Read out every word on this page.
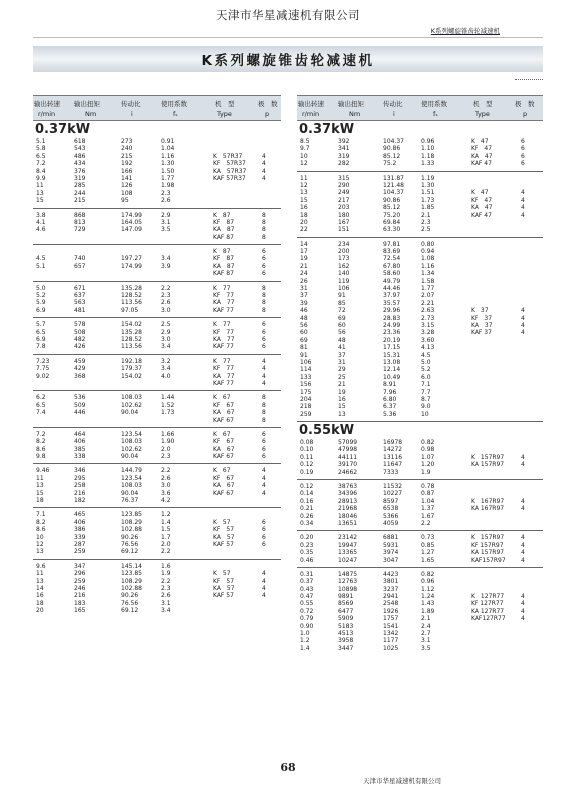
天津市华星减速机有限公司
K系列螺旋锥齿轮减速机
K系列螺旋锥齿轮减速机
输出转速 输出扭矩	传动比	使用系数	机　型	极　数
r/min	Nm	i	fₛ	Type	p
0.37kW
5.1	618	273	0.91
5.8	543	240	1.04
6.5	486	215	1.16	K　57R37	4
7.2	434	192	1.30	KF　57R37	4
8.4	376	166	1.50	KA　57R37	4
9.9	319	141	1.77	KAF 57R37	4
11	285	126	1.98
13	244	108	2.3
15	215	95	2.6
3.8	868	174.99	2.9	K　87	8
4.1	813	164.05	3.1	KF　87	8
4.6	729	147.09	3.5	KA　87	8
KAF 87	8
K　87	6
4.5	740	197.27	3.4	KF　87	6
5.1	657	174.99	3.9	KA　87	6
KAF 87	6
5.0	671	135.28	2.2	K　77	8
5.2	637	128.52	2.3	KF　77	8
5.9	563	113.56	2.6	KA　77	8
6.9	481	97.05	3.0	KAF 77	8
5.7	578	154.02	2.5	K　77	6
6.5	508	135.28	2.9	KF　77	6
6.9	482	128.52	3.0	KA　77	6
7.8	426	113.56	3.4	KAF 77	6
7.23	459	192.18	3.2	K　77	4
7.75	429	179.37	3.4	KF　77	4
9.02	368	154.02	4.0	KA　77	4
KAF 77	4
6.2	536	108.03	1.44	K　67	8
6.5	509	102.62	1.52	KF　67	8
7.4	446	90.04	1.73	KA　67	8
KAF 67	8
7.2	464	123.54	1.66	K　67	6
8.2	406	108.03	1.90	KF　67	6
8.6	385	102.62	2.0	KA　67	6
9.8	338	90.04	2.3	KAF 67	6
9.46	346	144.79	2.2	K　67	4
11	295	123.54	2.6	KF　67	4
13	258	108.03	3.0	KA　67	4
15	216	90.04	3.6	KAF 67	4
18	182	76.37	4.2
7.1	465	123.85	1.2
8.2	406	108.29	1.4	K　57	6
8.6	386	102.88	1.5	KF　57	6
10	339	90.26	1.7	KA　57	6
12	287	76.56	2.0	KAF 57	6
13	259	69.12	2.2
9.6	347	145.14	1.6
11	296	123.85	1.9	K　57	4
13	259	108.29	2.2	KF　57	4
14	246	102.88	2.3	KA　57	4
16	216	90.26	2.6	KAF 57	4
18	183	76.56	3.1
20	165	69.12	3.4
输出转速 输出扭矩	传动比	使用系数	机　型	极　数
r/min	Nm	i	fₛ	Type	p
0.37kW
8.5	392	104.37	0.96	K　47	6
9.7	341	90.86	1.10	KF　47	6
10	319	85.12	1.18	KA　47	6
12	282	75.2	1.33	KAF 47	6
11	315	131.87	1.19
12	290	121.48	1.30
13	249	104.37	1.51	K　47	4
15	217	90.86	1.73	KF　47	4
16	203	85.12	1.85	KA　47	4
18	180	75.20	2.1	KAF 47	4
20	167	69.84	2.3
22	151	63.30	2.5
14	234	97.81	0.80
17	200	83.69	0.94
19	173	72.54	1.08
21	162	67.80	1.16
24	140	58.60	1.34
26	119	49.79	1.58
31	106	44.46	1.77
37	91	37.97	2.07
39	85	35.57	2.21
46	72	29.96	2.63	K　37	4
48	69	28.83	2.73	KF　37	4
56	60	24.99	3.15	KA　37	4
60	56	23.36	3.28	KAF 37	4
69	48	20.19	3.60
81	41	17.15	4.13
91	37	15.31	4.5
106	31	13.08	5.0
114	29	12.14	5.2
133	25	10.49	6.0
156	21	8.91	7.1
175	19	7.96	7.7
204	16	6.80	8.7
218	15	6.37	9.0
259	13	5.36	10
0.55kW
0.08	57099	16978	0.82
0.10	47998	14272	0.98
0.11	44111	13116	1.07	K　157R97	4
0.12	39170	11647	1.20	KA 157R97	4
0.19	24662	7333	1.9
0.12	38763	11532	0.78
0.14	34396	10227	0.87
0.16	28913	8597	1.04	K　167R97	4
0.21	21968	6538	1.37	KA 167R97	4
0.26	18046	5366	1.67
0.34	13651	4059	2.2
0.20	23142	6881	0.73	K　157R97	4
0.23	19947	5931	0.85	KF 157R97	4
0.35	13365	3974	1.27	KA 157R97	4
0.46	10247	3047	1.65	KAF157R97	4
0.31	14875	4423	0.82
0.37	12763	3801	0.96
0.43	10898	3237	1.12
0.47	9891	2941	1.24	K　127R77	4
0.55	8569	2548	1.43	KF 127R77	4
0.72	6477	1926	1.89	KA 127R77	4
0.79	5909	1757	2.1	KAF127R77	4
0.90	5183	1541	2.4
1.0	4513	1342	2.7
1.2	3958	1177	3.1
1.4	3447	1025	3.5
68
天津市华星减速机有限公司
